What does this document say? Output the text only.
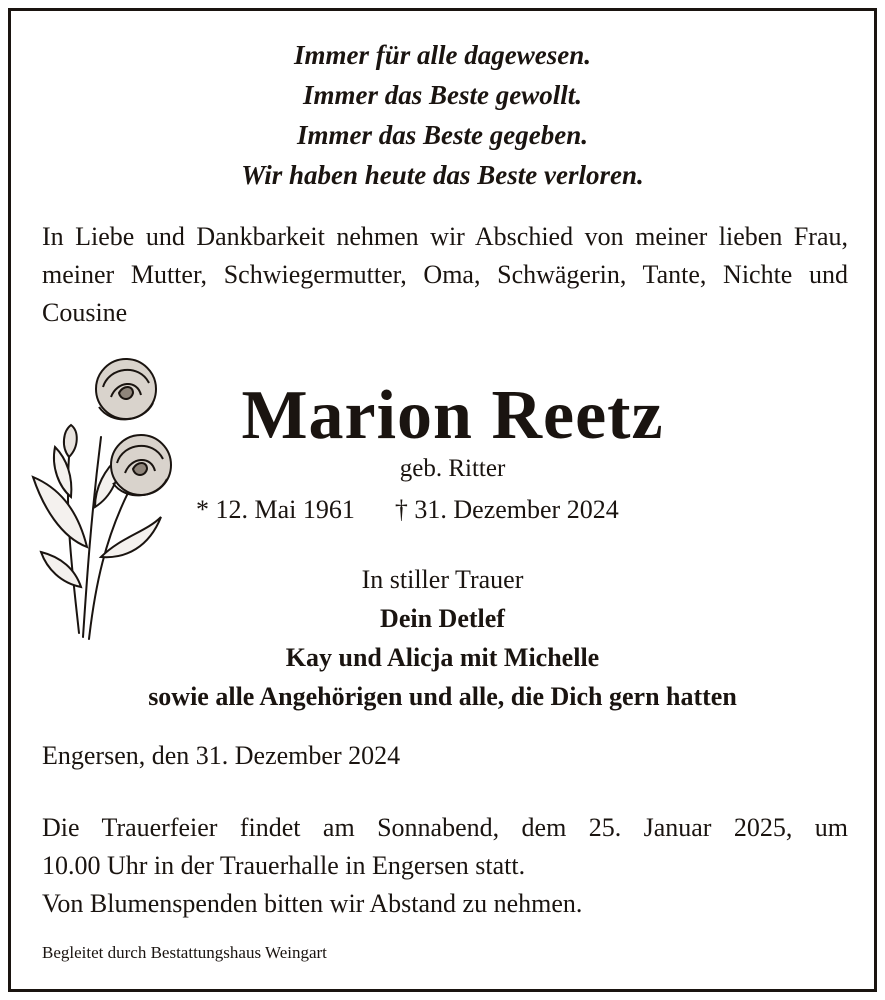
Immer für alle dagewesen.
Immer das Beste gewollt.
Immer das Beste gegeben.
Wir haben heute das Beste verloren.
In Liebe und Dankbarkeit nehmen wir Abschied von meiner lieben Frau, meiner Mutter, Schwiegermutter, Oma, Schwägerin, Tante, Nichte und Cousine
Marion Reetz
geb. Ritter
* 12. Mai 1961 † 31. Dezember 2024
In stiller Trauer
Dein Detlef
Kay und Alicja mit Michelle
sowie alle Angehörigen und alle, die Dich gern hatten
Engersen, den 31. Dezember 2024
Die Trauerfeier findet am Sonnabend, dem 25. Januar 2025, um
10.00 Uhr in der Trauerhalle in Engersen statt.
Von Blumenspenden bitten wir Abstand zu nehmen.
Begleitet durch Bestattungshaus Weingart
